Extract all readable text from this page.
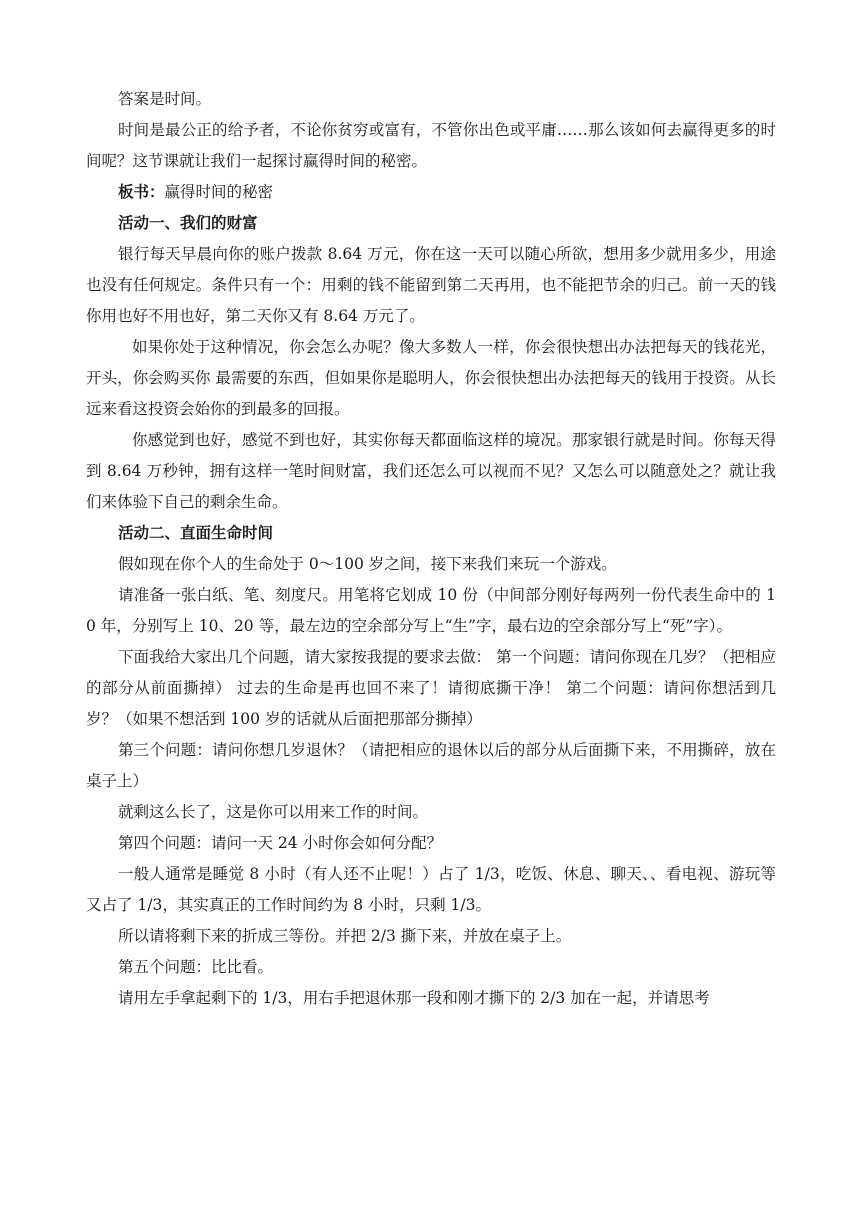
答案是时间。

时间是最公正的给予者，不论你贫穷或富有，不管你出色或平庸……那么该如何去赢得更多的时间呢？这节课就让我们一起探讨赢得时间的秘密。

板书：赢得时间的秘密

活动一、我们的财富

银行每天早晨向你的账户拨款 8.64 万元，你在这一天可以随心所欲，想用多少就用多少，用途也没有任何规定。条件只有一个：用剩的钱不能留到第二天再用，也不能把节余的归己。前一天的钱你用也好不用也好，第二天你又有 8.64 万元了。

如果你处于这种情况，你会怎么办呢？像大多数人一样，你会很快想出办法把每天的钱花光，开头，你会购买你 最需要的东西，但如果你是聪明人，你会很快想出办法把每天的钱用于投资。从长远来看这投资会始你的到最多的回报。

你感觉到也好，感觉不到也好，其实你每天都面临这样的境况。那家银行就是时间。你每天得到 8.64 万秒钟，拥有这样一笔时间财富，我们还怎么可以视而不见？又怎么可以随意处之？就让我们来体验下自己的剩余生命。

活动二、直面生命时间

假如现在你个人的生命处于 0～100 岁之间，接下来我们来玩一个游戏。

请准备一张白纸、笔、刻度尺。用笔将它划成 10 份（中间部分刚好每两列一份代表生命中的 10 年，分别写上 10、20 等，最左边的空余部分写上“生”字，最右边的空余部分写上“死”字）。

下面我给大家出几个问题，请大家按我提的要求去做： 第一个问题：请问你现在几岁？（把相应的部分从前面撕掉） 过去的生命是再也回不来了！请彻底撕干净！ 第二个问题：请问你想活到几岁？（如果不想活到 100 岁的话就从后面把那部分撕掉）

第三个问题：请问你想几岁退休？（请把相应的退休以后的部分从后面撕下来，不用撕碎，放在桌子上）

就剩这么长了，这是你可以用来工作的时间。

第四个问题：请问一天 24 小时你会如何分配？

一般人通常是睡觉 8 小时（有人还不止呢！）占了 1/3，吃饭、休息、聊天、、看电视、游玩等又占了 1/3，其实真正的工作时间约为 8 小时，只剩 1/3。

所以请将剩下来的折成三等份。并把 2/3 撕下来，并放在桌子上。

第五个问题：比比看。

请用左手拿起剩下的 1/3，用右手把退休那一段和刚才撕下的 2/3 加在一起，并请思考
